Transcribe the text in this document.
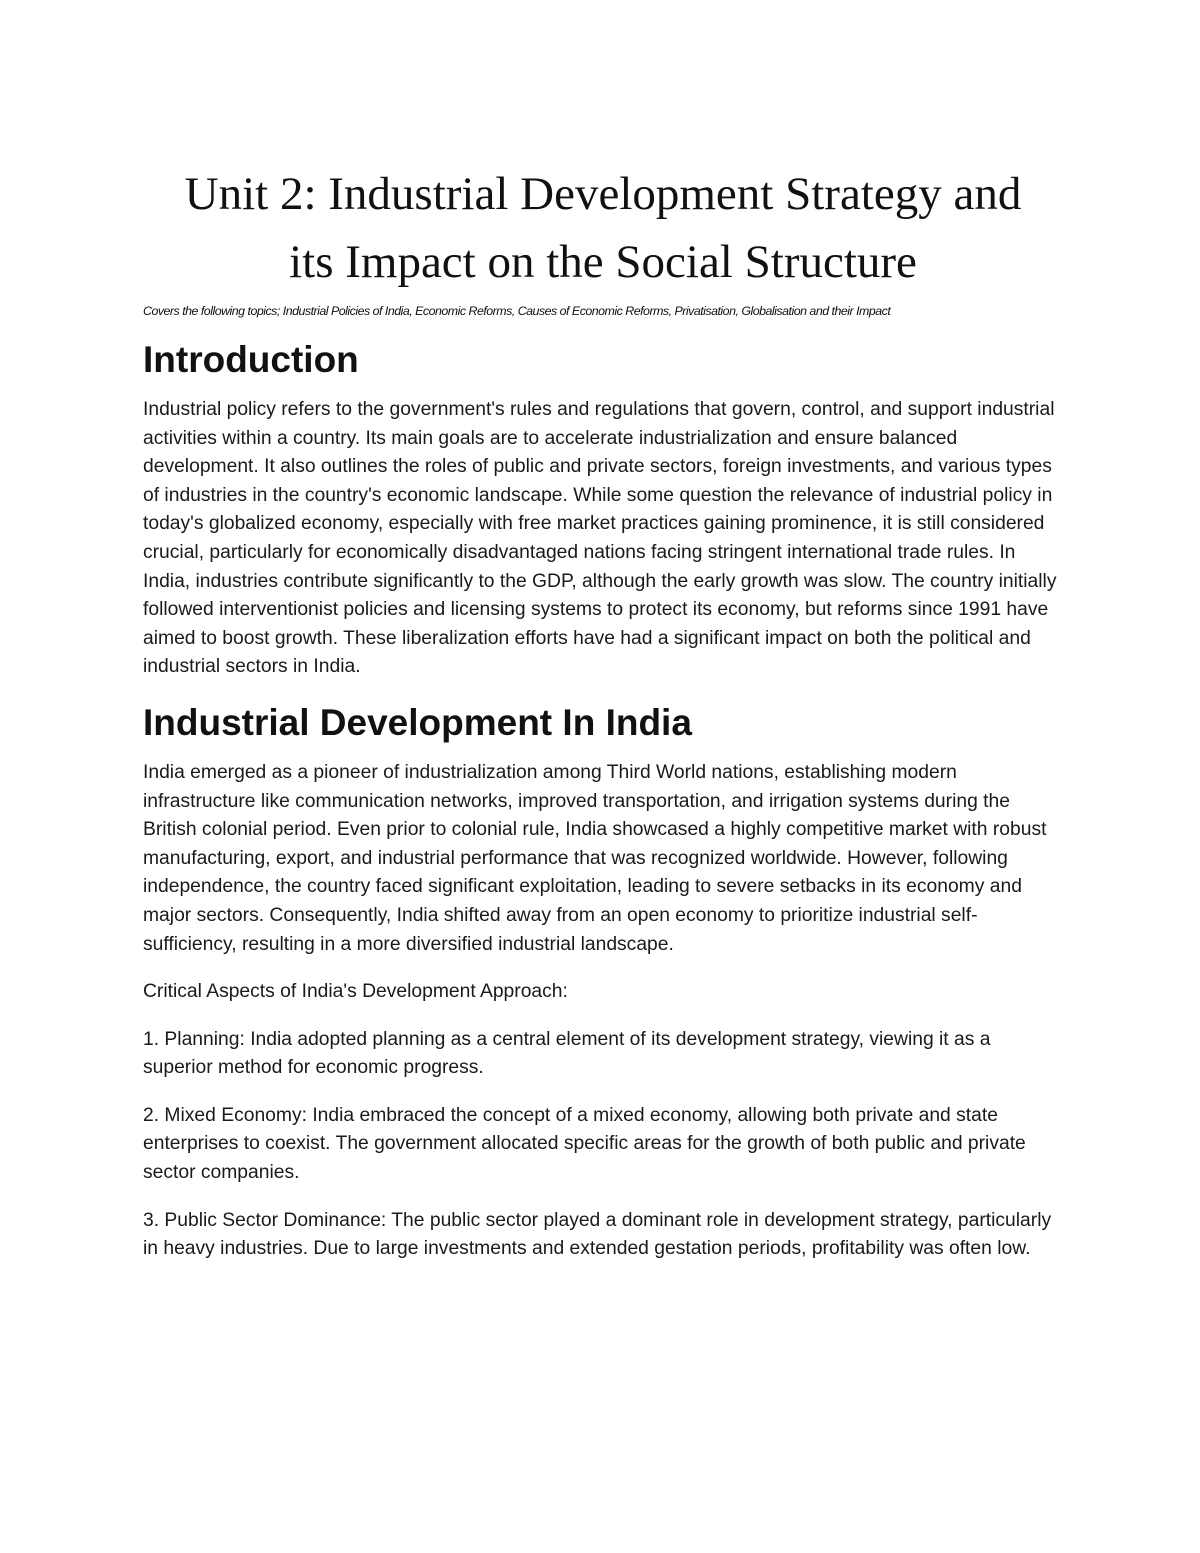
Unit 2: Industrial Development Strategy and
its Impact on the Social Structure

Covers the following topics; Industrial Policies of India, Economic Reforms, Causes of Economic Reforms, Privatisation, Globalisation and their Impact

Introduction

Industrial policy refers to the government's rules and regulations that govern, control, and support industrial activities within a country. Its main goals are to accelerate industrialization and ensure balanced development. It also outlines the roles of public and private sectors, foreign investments, and various types of industries in the country's economic landscape. While some question the relevance of industrial policy in today's globalized economy, especially with free market practices gaining prominence, it is still considered crucial, particularly for economically disadvantaged nations facing stringent international trade rules. In India, industries contribute significantly to the GDP, although the early growth was slow. The country initially followed interventionist policies and licensing systems to protect its economy, but reforms since 1991 have aimed to boost growth. These liberalization efforts have had a significant impact on both the political and industrial sectors in India.

Industrial Development In India

India emerged as a pioneer of industrialization among Third World nations, establishing modern infrastructure like communication networks, improved transportation, and irrigation systems during the British colonial period. Even prior to colonial rule, India showcased a highly competitive market with robust manufacturing, export, and industrial performance that was recognized worldwide. However, following independence, the country faced significant exploitation, leading to severe setbacks in its economy and major sectors. Consequently, India shifted away from an open economy to prioritize industrial self-sufficiency, resulting in a more diversified industrial landscape.

Critical Aspects of India's Development Approach:

1. Planning: India adopted planning as a central element of its development strategy, viewing it as a superior method for economic progress.

2. Mixed Economy: India embraced the concept of a mixed economy, allowing both private and state enterprises to coexist. The government allocated specific areas for the growth of both public and private sector companies.

3. Public Sector Dominance: The public sector played a dominant role in development strategy, particularly in heavy industries. Due to large investments and extended gestation periods, profitability was often low.
